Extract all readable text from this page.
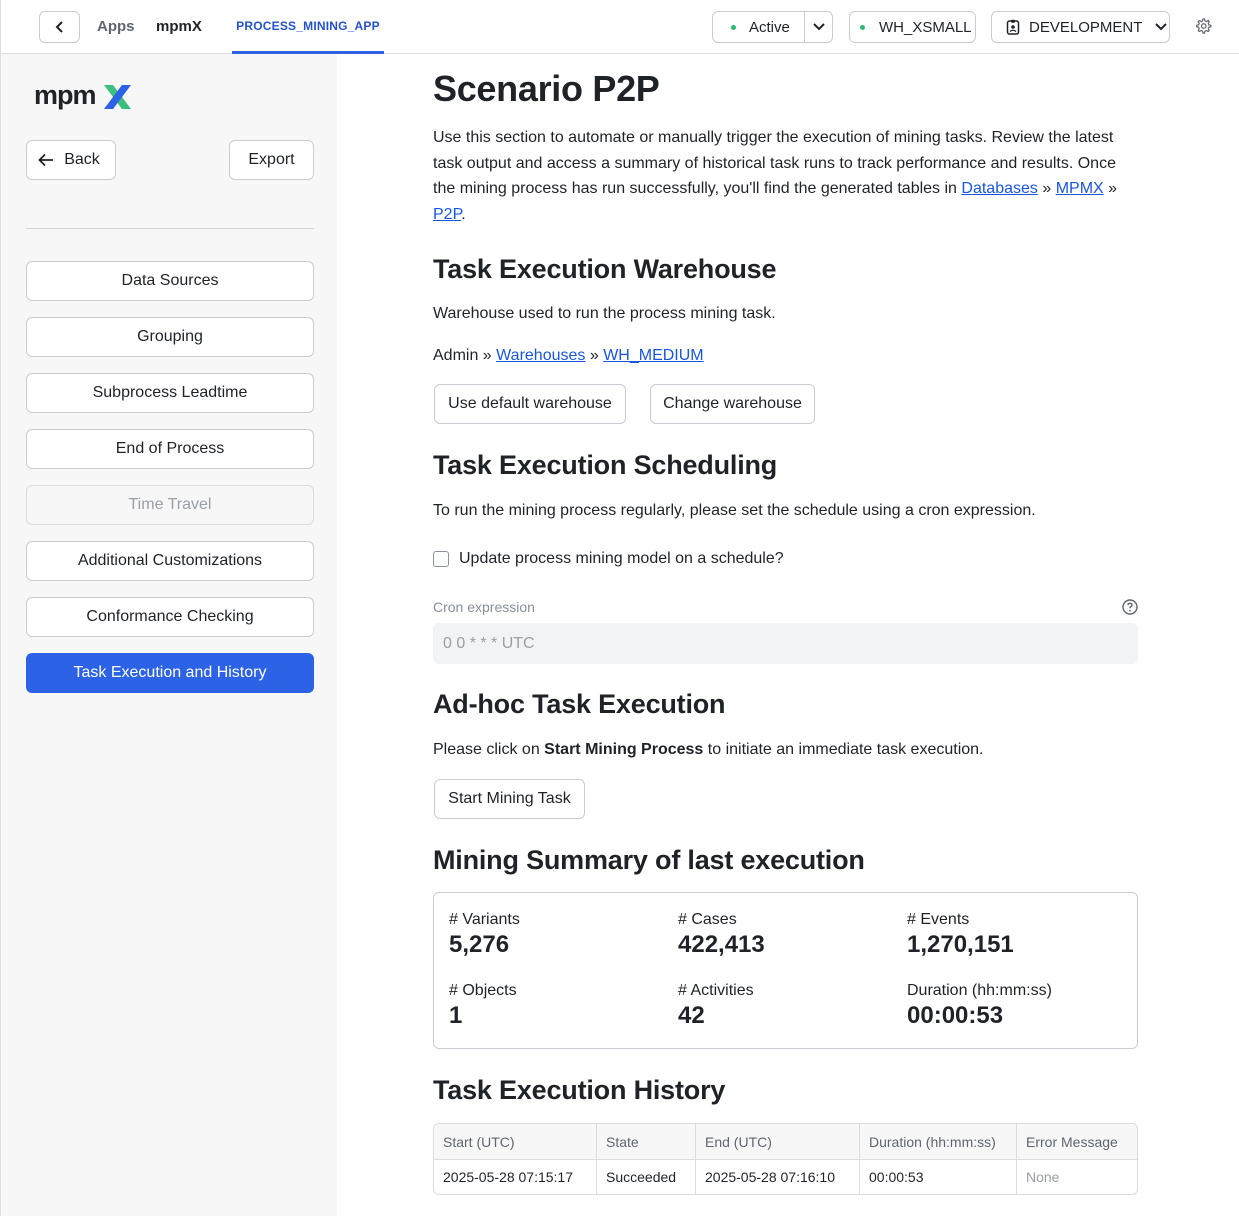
Apps mpmX	PROCESS_MINING_APP	Active	WH_XSMALL	DEVELOPMENT
mpm
Back	Export
Data Sources
Grouping
Subprocess Leadtime
End of Process
Time Travel
Additional Customizations
Conformance Checking
Task Execution and History
Scenario P2P
Use this section to automate or manually trigger the execution of mining tasks. Review the latest task output and access a summary of historical task runs to track performance and results. Once the mining process has run successfully, you'll find the generated tables in Databases » MPMX » P2P.
Task Execution Warehouse
Warehouse used to run the process mining task.
Admin » Warehouses » WH_MEDIUM
Use default warehouse	Change warehouse
Task Execution Scheduling
To run the mining process regularly, please set the schedule using a cron expression.
Update process mining model on a schedule?
Cron expression
0 0 * * * UTC
Ad-hoc Task Execution
Please click on Start Mining Process to initiate an immediate task execution.
Start Mining Task
Mining Summary of last execution
# Variants
5,276
# Cases
422,413
# Events
1,270,151
# Objects
1
# Activities
42
Duration (hh:mm:ss)
00:00:53
Task Execution History
Start (UTC)	State	End (UTC)	Duration (hh:mm:ss)	Error Message
2025-05-28 07:15:17	Succeeded	2025-05-28 07:16:10	00:00:53	None
